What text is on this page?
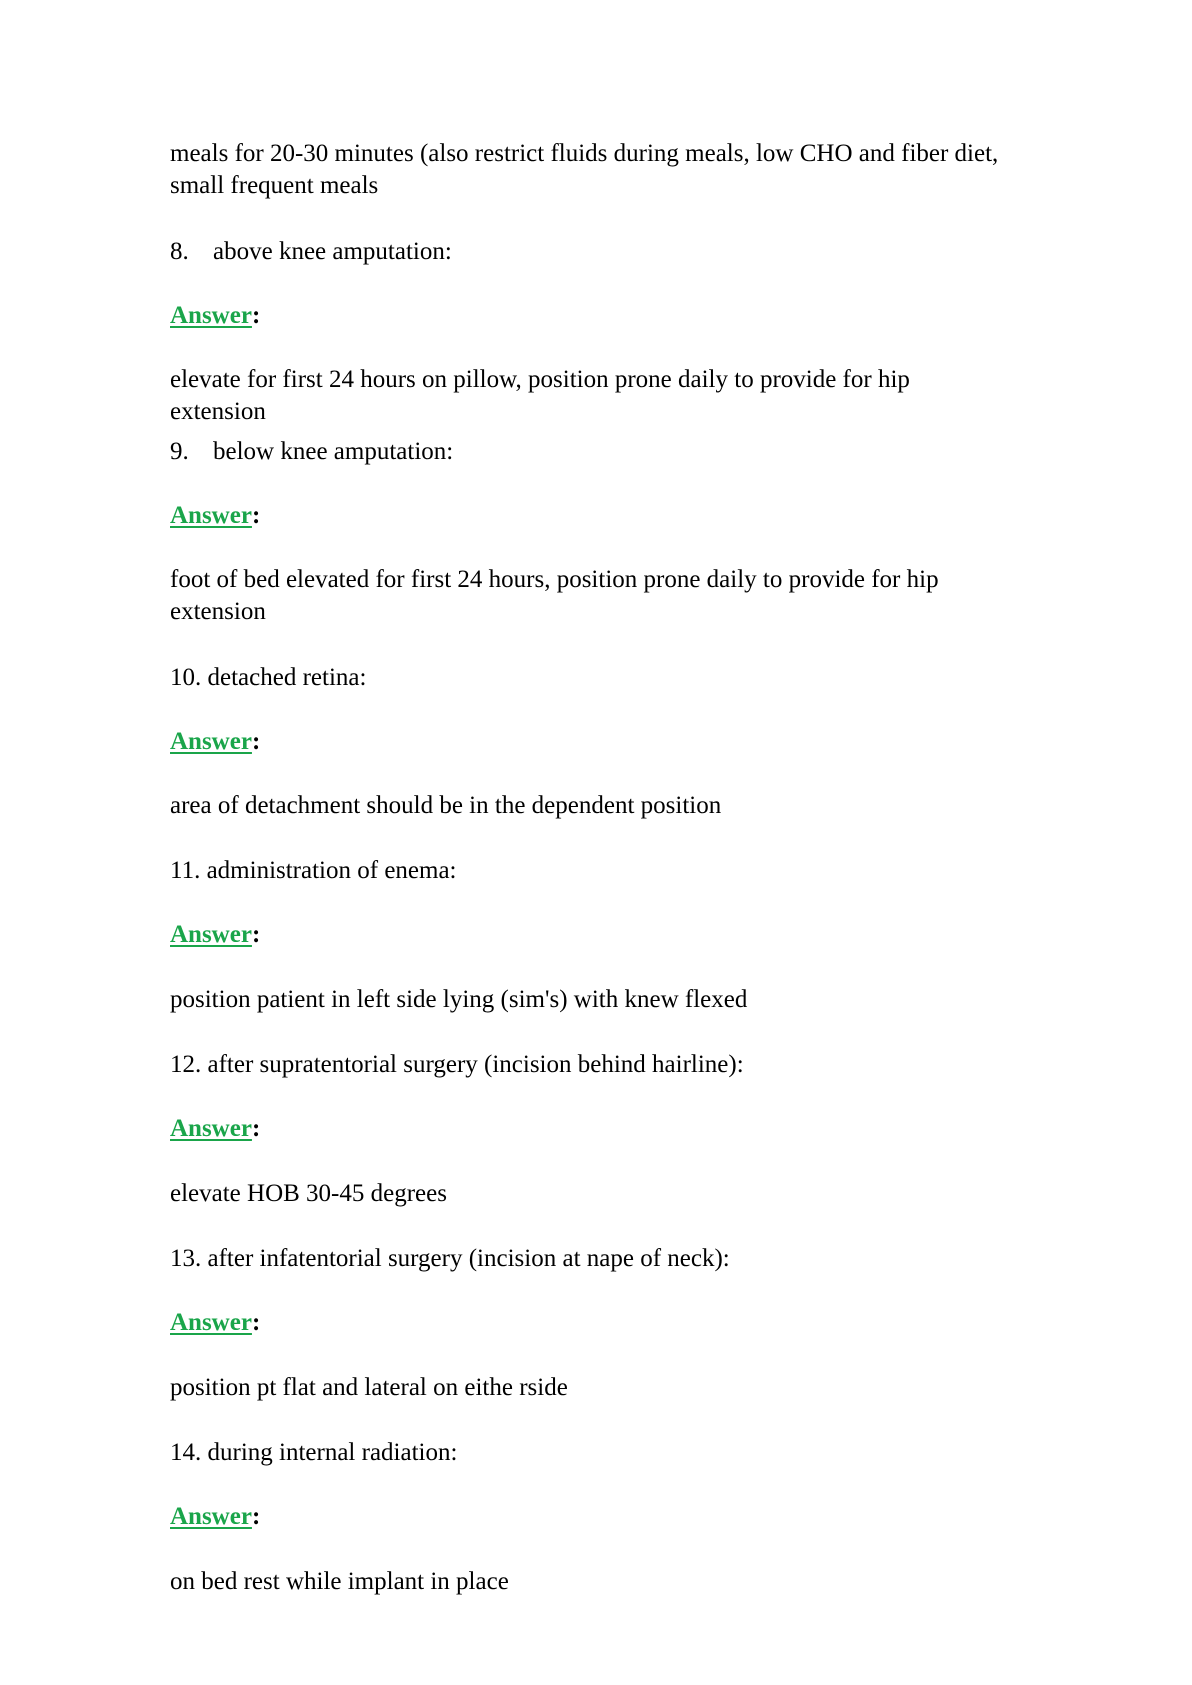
meals for 20-30 minutes (also restrict fluids during meals, low CHO and fiber diet,
small frequent meals
8. above knee amputation:
Answer:
elevate for first 24 hours on pillow, position prone daily to provide for hip
extension
9. below knee amputation:
Answer:
foot of bed elevated for first 24 hours, position prone daily to provide for hip
extension
10. detached retina:
Answer:
area of detachment should be in the dependent position
11. administration of enema:
Answer:
position patient in left side lying (sim's) with knew flexed
12. after supratentorial surgery (incision behind hairline):
Answer:
elevate HOB 30-45 degrees
13. after infatentorial surgery (incision at nape of neck):
Answer:
position pt flat and lateral on eithe rside
14. during internal radiation:
Answer:
on bed rest while implant in place
